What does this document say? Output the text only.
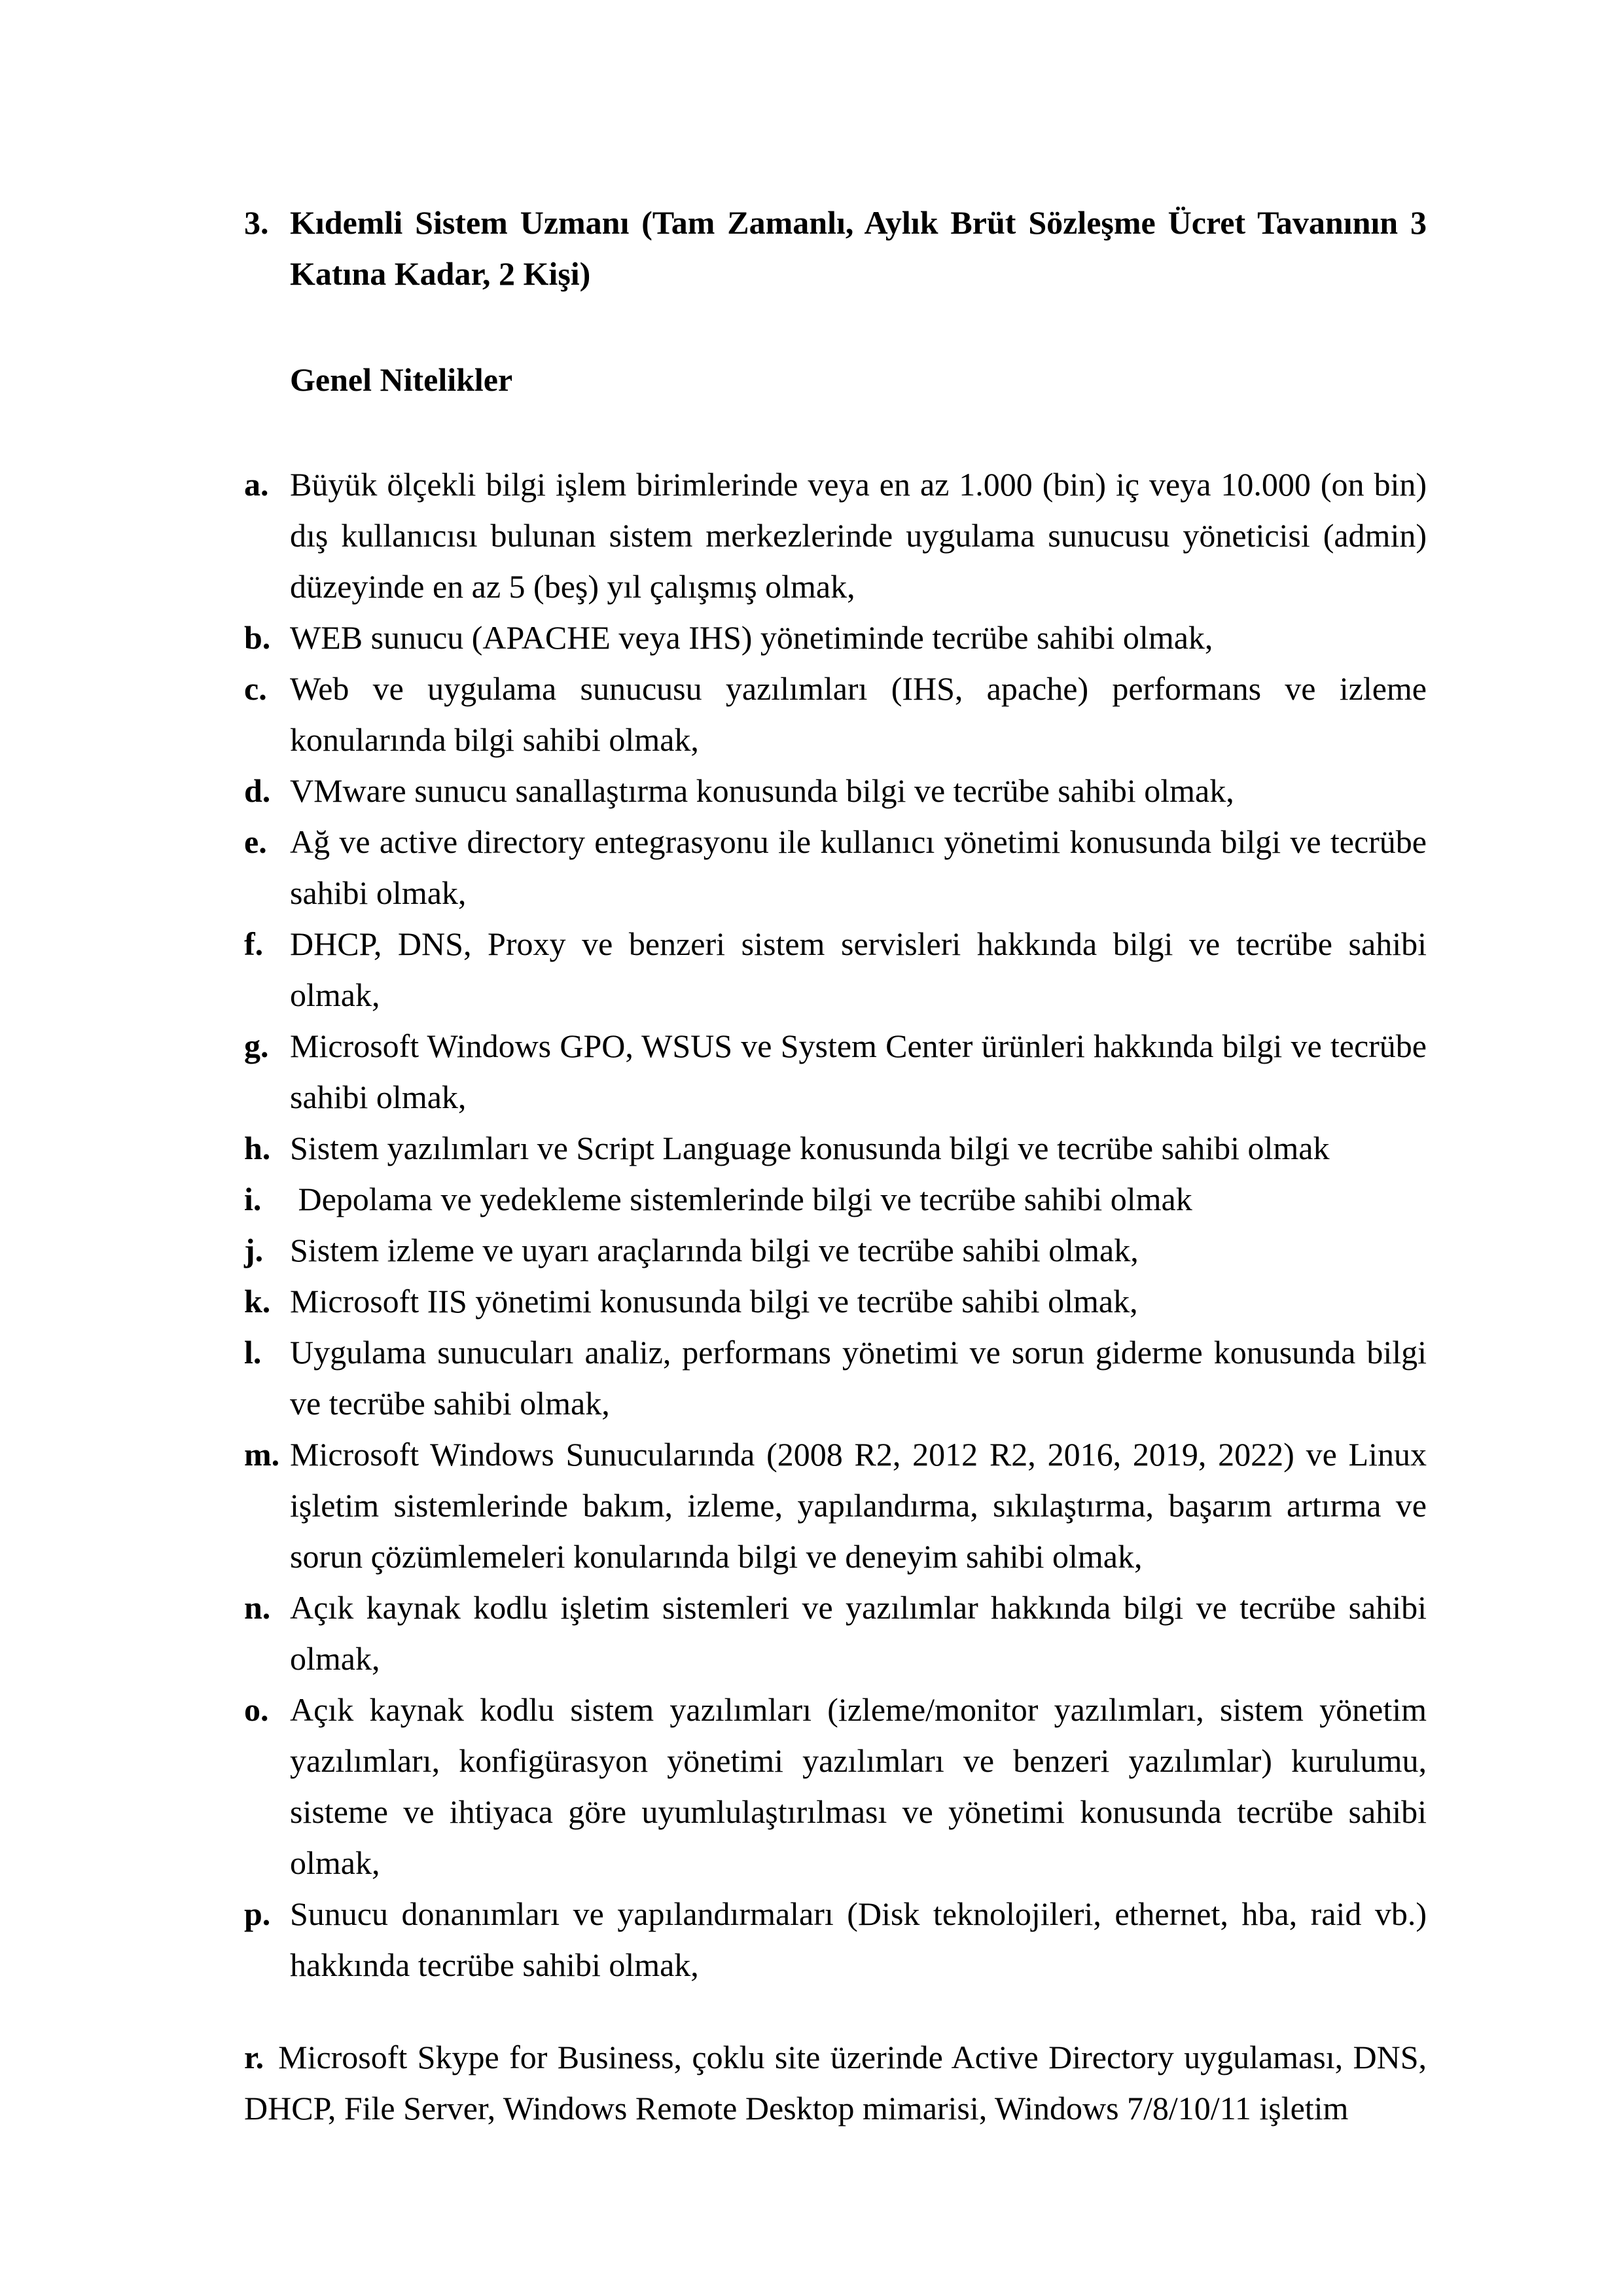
3. Kıdemli Sistem Uzmanı (Tam Zamanlı, Aylık Brüt Sözleşme Ücret Tavanının 3 Katına Kadar, 2 Kişi)
Genel Nitelikler
a. Büyük ölçekli bilgi işlem birimlerinde veya en az 1.000 (bin) iç veya 10.000 (on bin) dış kullanıcısı bulunan sistem merkezlerinde uygulama sunucusu yöneticisi (admin) düzeyinde en az 5 (beş) yıl çalışmış olmak,
b. WEB sunucu (APACHE veya IHS) yönetiminde tecrübe sahibi olmak,
c. Web ve uygulama sunucusu yazılımları (IHS, apache) performans ve izleme konularında bilgi sahibi olmak,
d. VMware sunucu sanallaştırma konusunda bilgi ve tecrübe sahibi olmak,
e. Ağ ve active directory entegrasyonu ile kullanıcı yönetimi konusunda bilgi ve tecrübe sahibi olmak,
f. DHCP, DNS, Proxy ve benzeri sistem servisleri hakkında bilgi ve tecrübe sahibi olmak,
g. Microsoft Windows GPO, WSUS ve System Center ürünleri hakkında bilgi ve tecrübe sahibi olmak,
h. Sistem yazılımları ve Script Language konusunda bilgi ve tecrübe sahibi olmak
i. Depolama ve yedekleme sistemlerinde bilgi ve tecrübe sahibi olmak
j. Sistem izleme ve uyarı araçlarında bilgi ve tecrübe sahibi olmak,
k. Microsoft IIS yönetimi konusunda bilgi ve tecrübe sahibi olmak,
l. Uygulama sunucuları analiz, performans yönetimi ve sorun giderme konusunda bilgi ve tecrübe sahibi olmak,
m. Microsoft Windows Sunucularında (2008 R2, 2012 R2, 2016, 2019, 2022) ve Linux işletim sistemlerinde bakım, izleme, yapılandırma, sıkılaştırma, başarım artırma ve sorun çözümlemeleri konularında bilgi ve deneyim sahibi olmak,
n. Açık kaynak kodlu işletim sistemleri ve yazılımlar hakkında bilgi ve tecrübe sahibi olmak,
o. Açık kaynak kodlu sistem yazılımları (izleme/monitor yazılımları, sistem yönetim yazılımları, konfigürasyon yönetimi yazılımları ve benzeri yazılımlar) kurulumu, sisteme ve ihtiyaca göre uyumlulaştırılması ve yönetimi konusunda tecrübe sahibi olmak,
p. Sunucu donanımları ve yapılandırmaları (Disk teknolojileri, ethernet, hba, raid vb.) hakkında tecrübe sahibi olmak,
r. Microsoft Skype for Business, çoklu site üzerinde Active Directory uygulaması, DNS, DHCP, File Server, Windows Remote Desktop mimarisi, Windows 7/8/10/11 işletim
